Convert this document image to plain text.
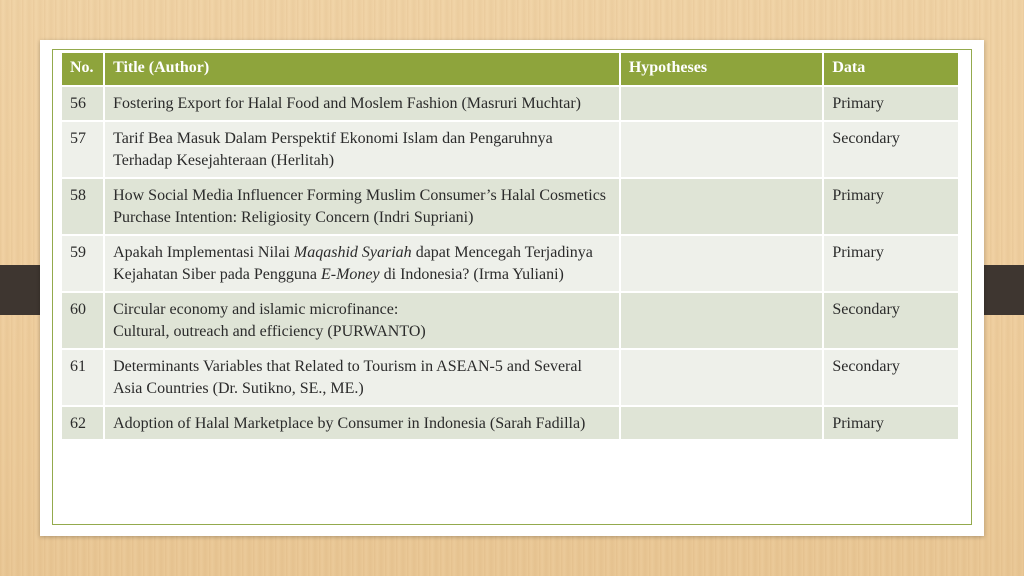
No.	Title (Author)	Hypotheses	Data
56	Fostering Export for Halal Food and Moslem Fashion (Masruri Muchtar)		Primary
57	Tarif Bea Masuk Dalam Perspektif Ekonomi Islam dan Pengaruhnya Terhadap Kesejahteraan (Herlitah)		Secondary
58	How Social Media Influencer Forming Muslim Consumer’s Halal Cosmetics Purchase Intention: Religiosity Concern (Indri Supriani)		Primary
59	Apakah Implementasi Nilai Maqashid Syariah dapat Mencegah Terjadinya Kejahatan Siber pada Pengguna E-Money di Indonesia? (Irma Yuliani)		Primary
60	Circular economy and islamic microfinance:
Cultural, outreach and efficiency (PURWANTO)		Secondary
61	Determinants Variables that Related to Tourism in ASEAN-5 and Several Asia Countries (Dr. Sutikno, SE., ME.)		Secondary
62	Adoption of Halal Marketplace by Consumer in Indonesia (Sarah Fadilla)		Primary
